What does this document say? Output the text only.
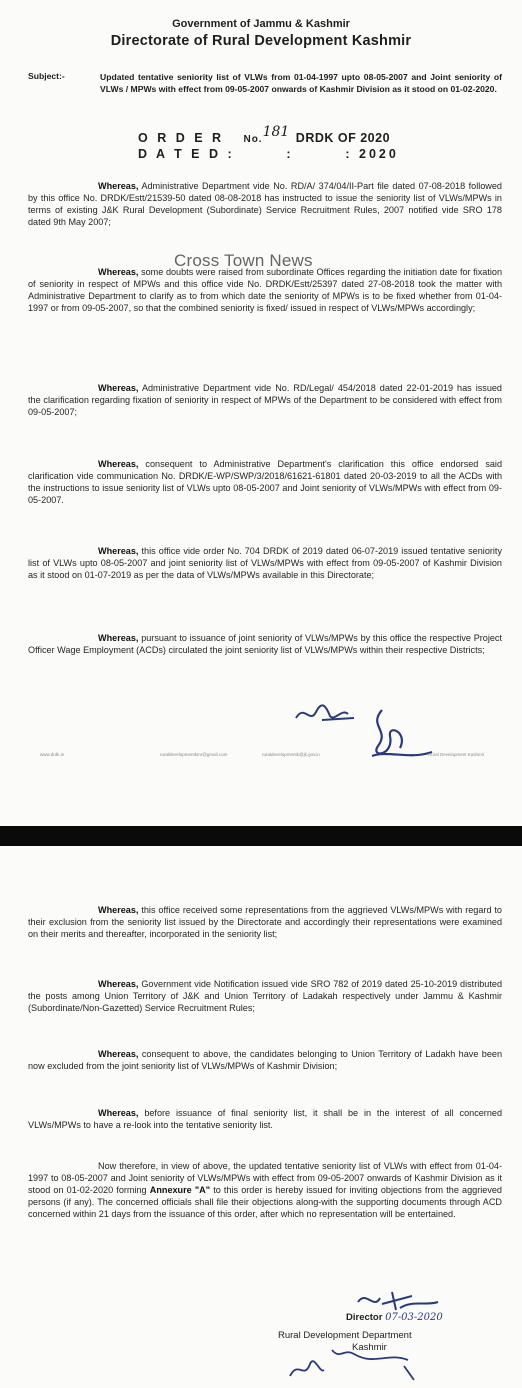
Government of Jammu & Kashmir
Directorate of Rural Development Kashmir
Subject:-	Updated tentative seniority list of VLWs from 01-04-1997 upto 08-05-2007 and Joint seniority of VLWs / MPWs with effect from 09-05-2007 onwards of Kashmir Division as it stood on 01-02-2020.
O R D E R No.181 DRDK OF 2020
D A T E D :        :        : 2020
Whereas, Administrative Department vide No. RD/A/ 374/04/II-Part file dated 07-08-2018 followed by this office No. DRDK/Estt/21539-50 dated 08-08-2018 has instructed to issue the seniority list of VLWs/MPWs in terms of existing J&K Rural Development (Subordinate) Service Recruitment Rules, 2007 notified vide SRO 178 dated 9th May 2007;
Whereas, some doubts were raised from subordinate Offices regarding the initiation date for fixation of seniority in respect of MPWs and this office vide No. DRDK/Estt/25397 dated 27-08-2018 took the matter with Administrative Department to clarify as to from which date the seniority of MPWs is to be fixed whether from 01-04-1997 or from 09-05-2007, so that the combined seniority is fixed/ issued in respect of VLWs/MPWs accordingly;
Cross Town News
Whereas, Administrative Department vide No. RD/Legal/ 454/2018 dated 22-01-2019 has issued the clarification regarding fixation of seniority in respect of MPWs of the Department to be considered with effect from 09-05-2007;
Whereas, consequent to Administrative Department's clarification this office endorsed said clarification vide communication No. DRDK/E-WP/SWP/3/2018/61621-61801 dated 20-03-2019 to all the ACDs with the instructions to issue seniority list of VLWs upto 08-05-2007 and Joint seniority of VLWs/MPWs with effect from 09-05-2007.
Whereas, this office vide order No. 704 DRDK of 2019 dated 06-07-2019 issued tentative seniority list of VLWs upto 08-05-2007 and joint seniority list of VLWs/MPWs with effect from 09-05-2007 of Kashmir Division as it stood on 01-07-2019 as per the data of VLWs/MPWs available in this Directorate;
Whereas, pursuant to issuance of joint seniority of VLWs/MPWs by this office the respective Project Officer Wage Employment (ACDs) circulated the joint seniority list of VLWs/MPWs within their respective Districts;
www.drdk.in	ruraldevelopmentkmr@gmail.com	ruraldevelopmentk@jk.gov.in	Rural Development Kashmir
Whereas, this office received some representations from the aggrieved VLWs/MPWs with regard to their exclusion from the seniority list issued by the Directorate and accordingly their representations were examined on their merits and thereafter, incorporated in the seniority list;
Whereas, Government vide Notification issued vide SRO 782 of 2019 dated 25-10-2019 distributed the posts among Union Territory of J&K and Union Territory of Ladakah respectively under Jammu & Kashmir (Subordinate/Non-Gazetted) Service Recruitment Rules;
Whereas, consequent to above, the candidates belonging to Union Territory of Ladakh have been now excluded from the joint seniority list of VLWs/MPWs of Kashmir Division;
Whereas, before issuance of final seniority list, it shall be in the interest of all concerned VLWs/MPWs to have a re-look into the tentative seniority list.
Now therefore, in view of above, the updated tentative seniority list of VLWs with effect from 01-04-1997 to 08-05-2007 and Joint seniority of VLWs/MPWs with effect from 09-05-2007 onwards of Kashmir Division as it stood on 01-02-2020 forming Annexure "A" to this order is hereby issued for inviting objections from the aggrieved persons (if any). The concerned officials shall file their objections along-with the supporting documents through ACD concerned within 21 days from the issuance of this order, after which no representation will be entertained.
Director 07-03-2020
Rural Development Department
Kashmir
